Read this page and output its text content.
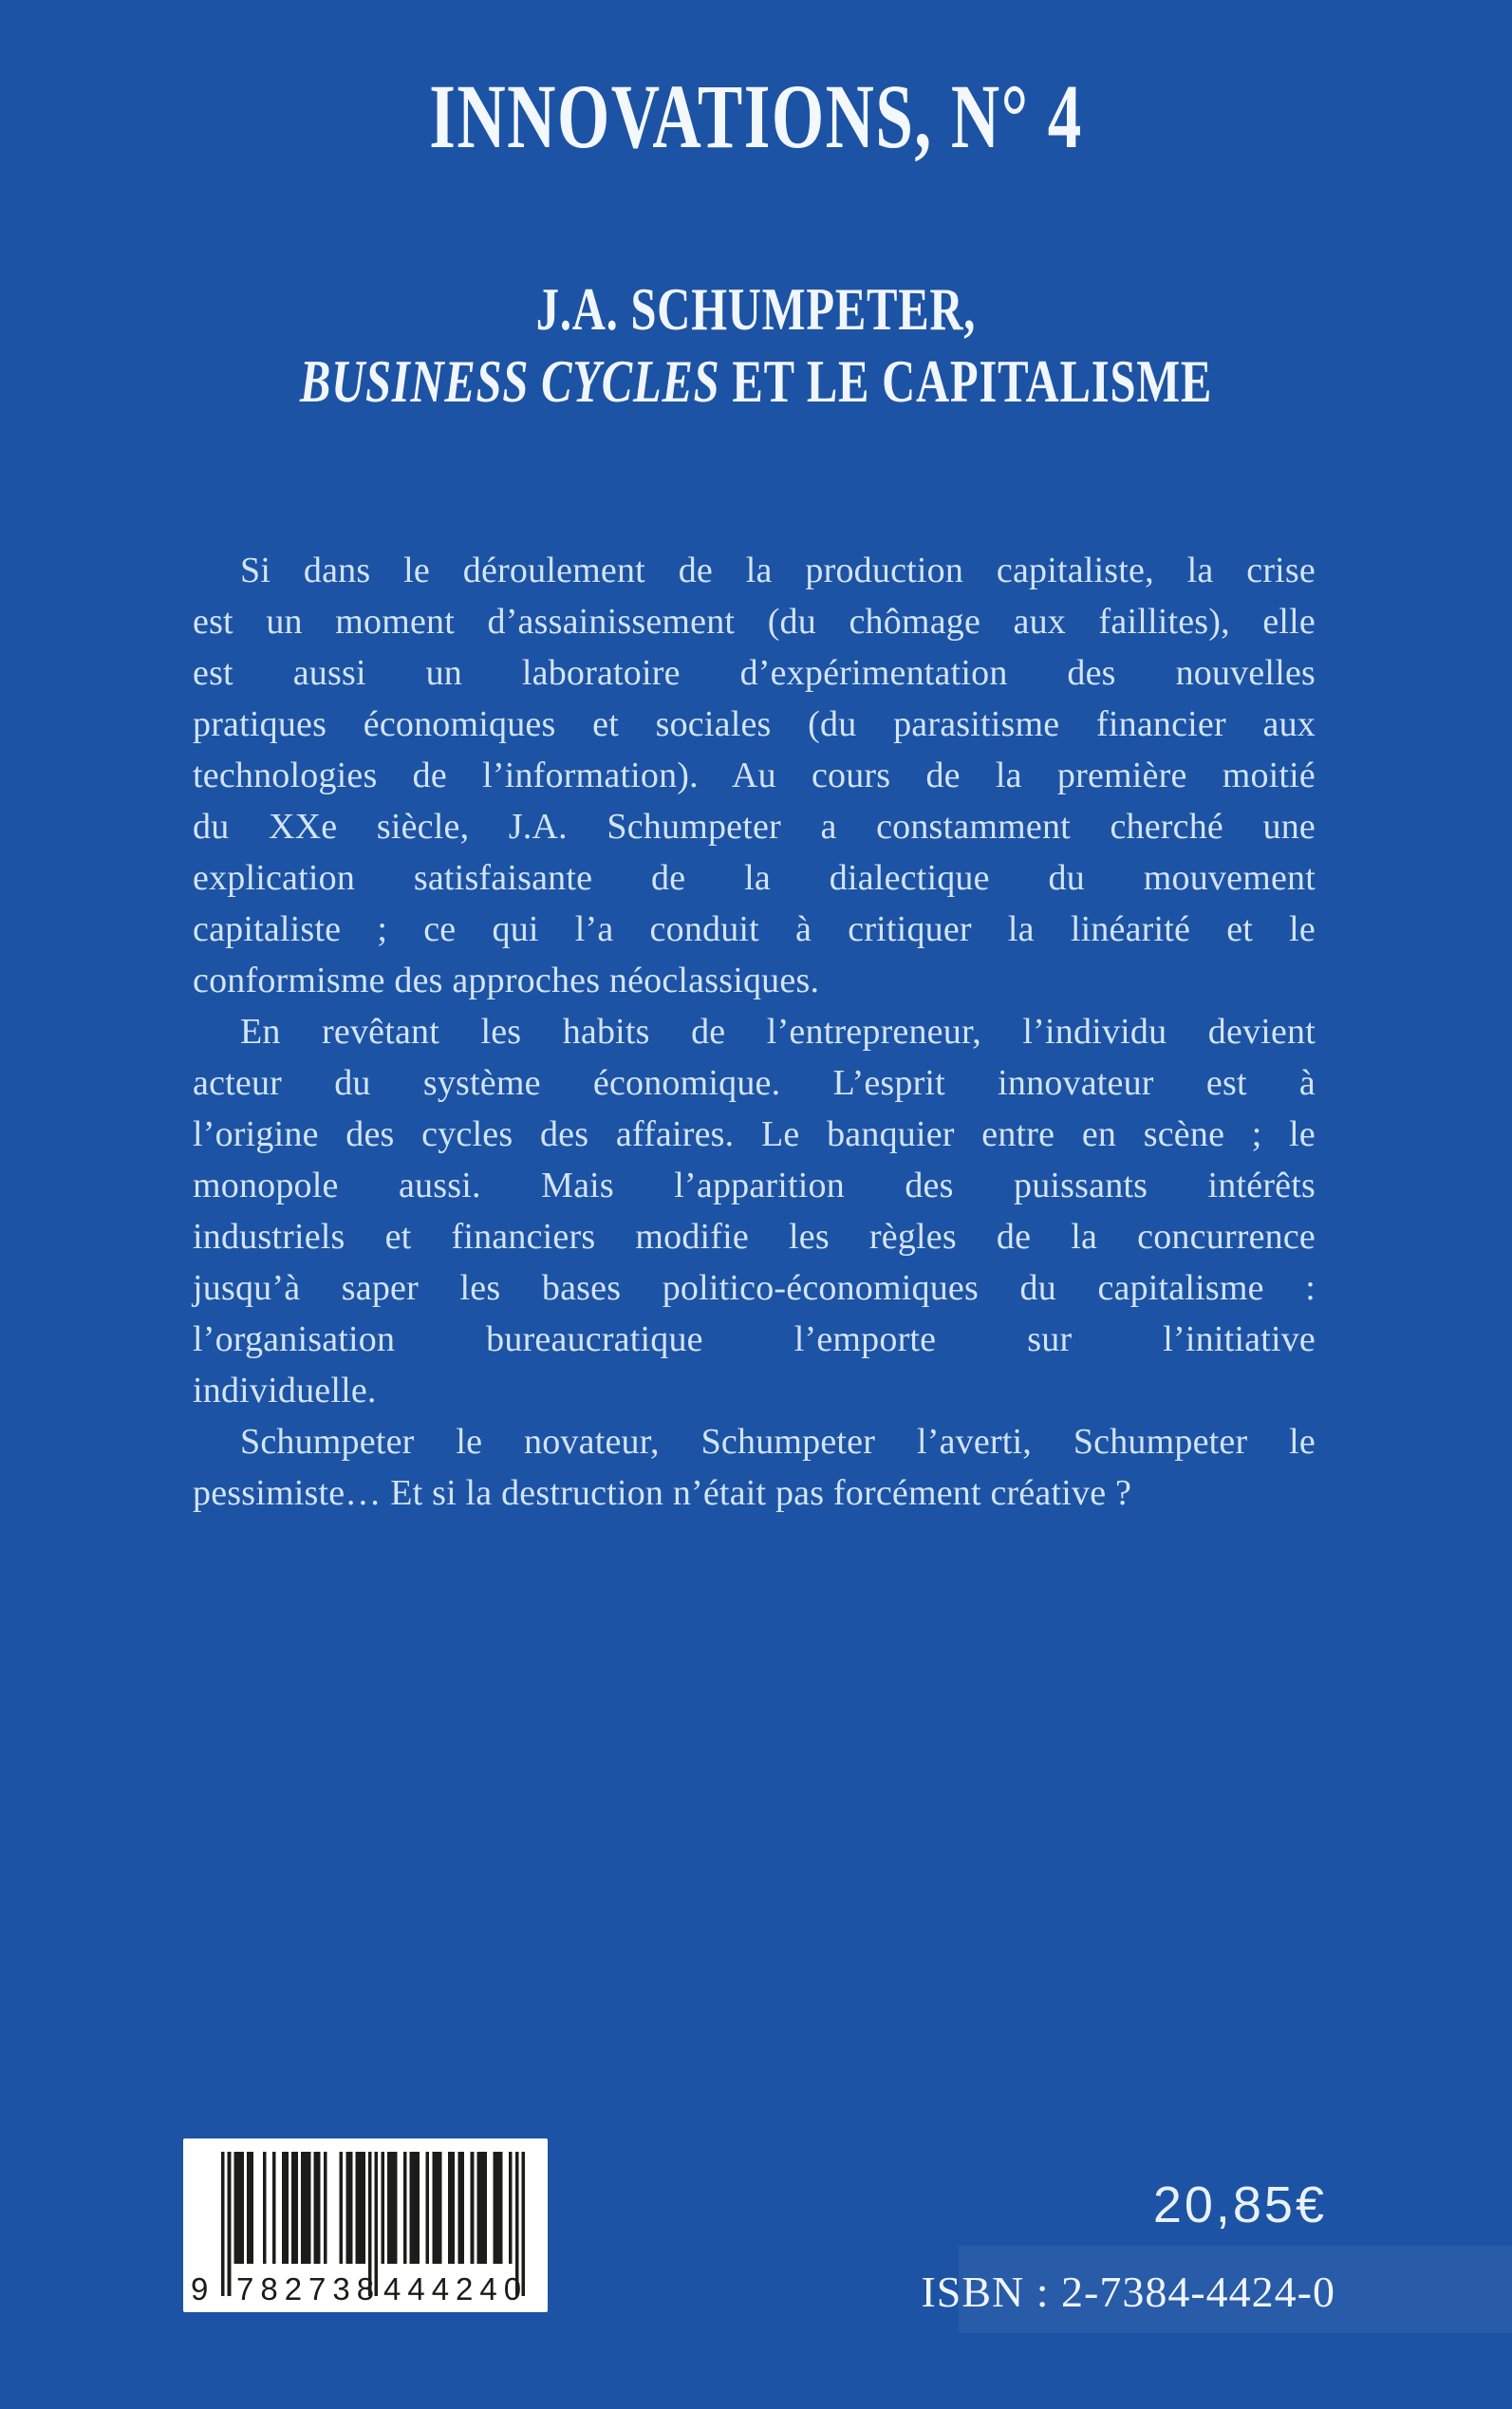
INNOVATIONS, N° 4
J.A. SCHUMPETER,
BUSINESS CYCLES ET LE CAPITALISME
Si dans le déroulement de la production capitaliste, la crise
est un moment d’assainissement (du chômage aux faillites), elle
est aussi un laboratoire d’expérimentation des nouvelles
pratiques économiques et sociales (du parasitisme financier aux
technologies de l’information). Au cours de la première moitié
du XXe siècle, J.A. Schumpeter a constamment cherché une
explication satisfaisante de la dialectique du mouvement
capitaliste ; ce qui l’a conduit à critiquer la linéarité et le
conformisme des approches néoclassiques.
En revêtant les habits de l’entrepreneur, l’individu devient
acteur du système économique. L’esprit innovateur est à
l’origine des cycles des affaires. Le banquier entre en scène ; le
monopole aussi. Mais l’apparition des puissants intérêts
industriels et financiers modifie les règles de la concurrence
jusqu’à saper les bases politico-économiques du capitalisme :
l’organisation bureaucratique l’emporte sur l’initiative
individuelle.
Schumpeter le novateur, Schumpeter l’averti, Schumpeter le
pessimiste… Et si la destruction n’était pas forcément créative ?
9 782738 444240
20,85€
ISBN : 2-7384-4424-0
